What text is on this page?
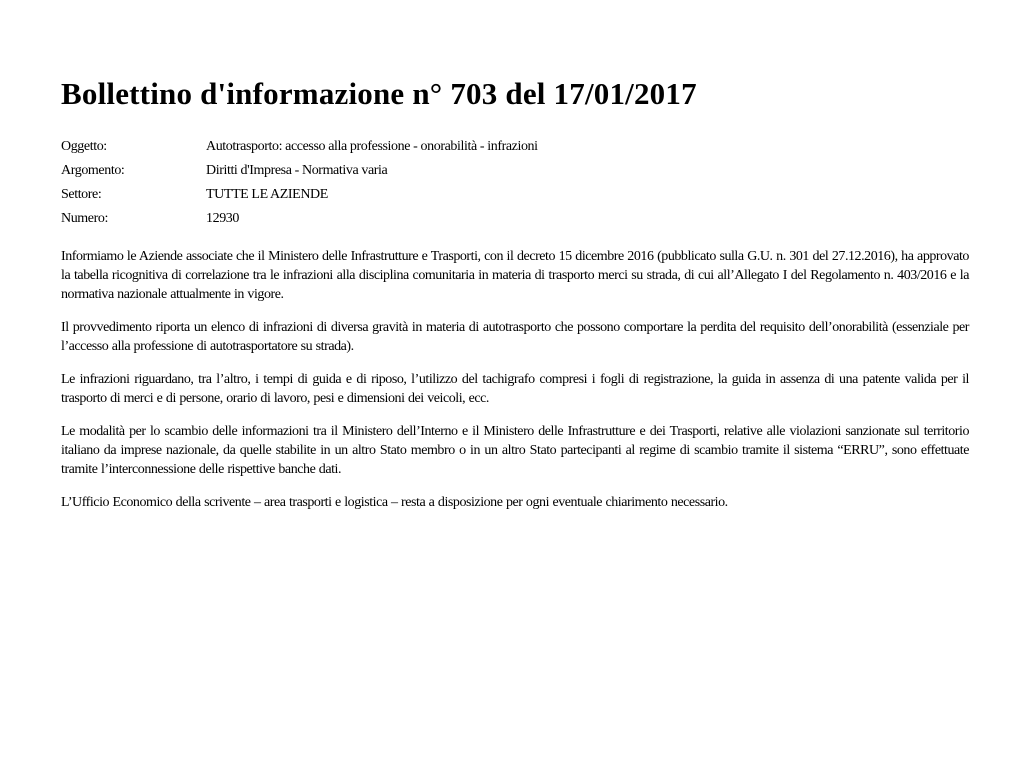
Bollettino d'informazione n° 703 del 17/01/2017
Oggetto:	Autotrasporto: accesso alla professione - onorabilità - infrazioni
Argomento:	Diritti d'Impresa - Normativa varia
Settore:	TUTTE LE AZIENDE
Numero:	12930

Informiamo le Aziende associate che il Ministero delle Infrastrutture e Trasporti, con il decreto 15 dicembre 2016 (pubblicato sulla G.U. n. 301 del 27.12.2016), ha approvato la tabella ricognitiva di correlazione tra le infrazioni alla disciplina comunitaria in materia di trasporto merci su strada, di cui all’Allegato I del Regolamento n. 403/2016 e la normativa nazionale attualmente in vigore.

Il provvedimento riporta un elenco di infrazioni di diversa gravità in materia di autotrasporto che possono comportare la perdita del requisito dell’onorabilità (essenziale per l’accesso alla professione di autotrasportatore su strada).

Le infrazioni riguardano, tra l’altro, i tempi di guida e di riposo, l’utilizzo del tachigrafo compresi i fogli di registrazione, la guida in assenza di una patente valida per il trasporto di merci e di persone, orario di lavoro, pesi e dimensioni dei veicoli, ecc.

Le modalità per lo scambio delle informazioni tra il Ministero dell’Interno e il Ministero delle Infrastrutture e dei Trasporti, relative alle violazioni sanzionate sul territorio italiano da imprese nazionale, da quelle stabilite in un altro Stato membro o in un altro Stato partecipanti al regime di scambio tramite il sistema “ERRU”, sono effettuate tramite l’interconnessione delle rispettive banche dati.

L’Ufficio Economico della scrivente – area trasporti e logistica – resta a disposizione per ogni eventuale chiarimento necessario.
